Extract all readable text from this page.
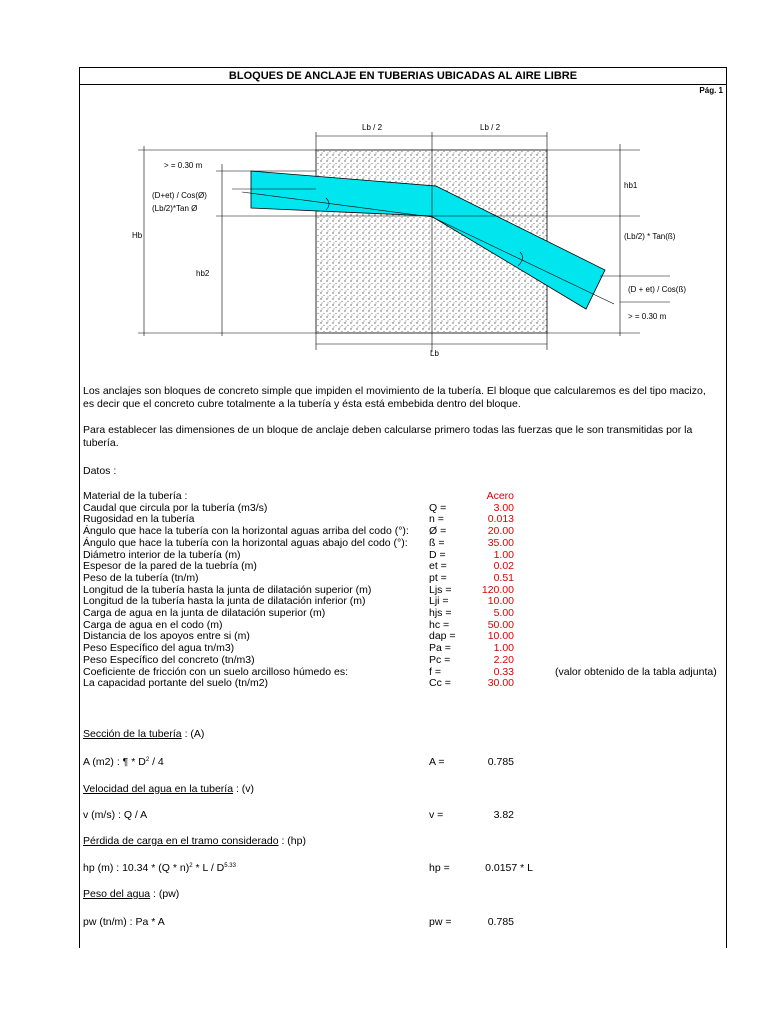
BLOQUES DE ANCLAJE EN TUBERIAS UBICADAS AL AIRE LIBRE
Pág. 1
Lb / 2	Lb / 2
Lb
Hb
hb2
> = 0.30 m
(D+et) / Cos(Ø)
(Lb/2)*Tan Ø
hb1
(Lb/2) * Tan(ß)
(D + et) / Cos(ß)
> = 0.30 m
Los anclajes son bloques de concreto simple que impiden el movimiento de la tubería. El bloque que calcularemos es del tipo macizo, es decir que el concreto cubre totalmente a la tubería y ésta está embebida dentro del bloque.
Para establecer las dimensiones de un bloque de anclaje deben calcularse primero todas las fuerzas que le son transmitidas por la tubería.
Datos :
Material de la tubería :	Acero
Caudal que circula por la tubería (m3/s)	Q =	3.00
Rugosidad en la tubería	n =	0.013
Ángulo que hace la tubería con la horizontal aguas arriba del codo (°): Ø =	20.00
Ángulo que hace la tubería con la horizontal aguas abajo del codo (°): ß =	35.00
Diámetro interior de la tubería (m)	D =	1.00
Espesor de la pared de la tuebría (m)	et =	0.02
Peso de la tubería (tn/m)	pt =	0.51
Longitud de la tubería hasta la junta de dilatación superior (m)	Ljs =	120.00
Longitud de la tubería hasta la junta de dilatación inferior (m)	Lji =	10.00
Carga de agua en la junta de dilatación superior (m)	hjs =	5.00
Carga de agua en el codo (m)	hc =	50.00
Distancia de los apoyos entre si (m)	dap =	10.00
Peso Específico del agua tn/m3)	Pa =	1.00
Peso Específico del concreto (tn/m3)	Pc =	2.20
Coeficiente de fricción con un suelo arcilloso húmedo es:	f =	0.33	(valor obtenido de la tabla adjunta)
La capacidad portante del suelo (tn/m2)	Cc =	30.00
Sección de la tubería : (A)
A (m2) : ¶ * $D^2 / 4$	A =	0.785
Velocidad del agua en la tubería : (v)
v (m/s) : Q / A	v =	3.82
Pérdida de carga en el tramo considerado : (hp)
hp (m) : 10.34 * (Q * n)$^2$ * L / $D^{5.33}$	hp =	0.0157 * L
Peso del agua : (pw)
pw (tn/m) : Pa * A	pw =	0.785
